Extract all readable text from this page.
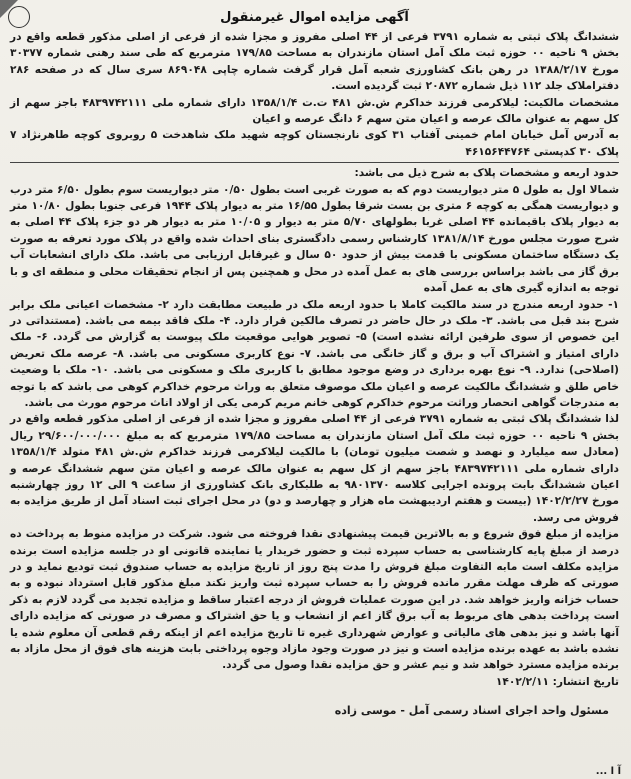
آگهی مزایده اموال غیرمنقول

ششدانگ پلاک ثبتی به شماره ۳۷۹۱ فرعی از ۴۴ اصلی مفروز و مجزا شده از فرعی از اصلی مذکور قطعه واقع در بخش ۹ ناحیه ۰۰ حوزه ثبت ملک آمل استان مازندران به مساحت ۱۷۹/۸۵ مترمربع که طی سند رهنی شماره ۳۰۳۷۷ مورخ ۱۳۸۸/۲/۱۷ در رهن بانک کشاورزی شعبه آمل قرار گرفت شماره چاپی ۸۶۹۰۴۸ سری سال که در صفحه ۲۸۶ دفتراملاک جلد ۱۱۲ ذیل شماره ۲۰۸۷۲ ثبت گردیده است.

مشخصات مالکیت: لیلاکرمی فرزند خداکرم ش.ش ۴۸۱ ت.ت ۱۳۵۸/۱/۴ دارای شماره ملی ۴۸۳۹۷۴۲۱۱۱ باجز سهم از کل سهم به عنوان مالک عرصه و اعیان متن سهم ۶ دانگ عرصه و اعیان

به آدرس آمل خیابان امام خمینی آفتاب ۳۱ کوی نارنجستان کوچه شهید ملک شاهدخت ۵ روبروی کوچه طاهرنژاد ۷ پلاک ۳۰ کدپستی ۴۶۱۵۶۴۴۷۶۴

حدود اربعه و مشخصات پلاک به شرح ذیل می باشد:

شمالا اول به طول ۵ متر دیواریست دوم که به صورت غربی است بطول ۰/۵۰ متر دیواریست سوم بطول ۶/۵۰ متر درب و دیواریست همگی به کوچه ۶ متری بن بست شرقا بطول ۱۶/۵۵ متر به دیوار پلاک ۱۹۴۴ فرعی جنوبا بطول ۱۰/۸۰ متر به دیوار پلاک باقیمانده ۴۴ اصلی غربا بطولهای ۵/۷۰ متر به دیوار و ۱۰/۰۵ متر به دیوار هر دو جزء پلاک ۴۴ اصلی به شرح صورت مجلس مورخ ۱۳۸۱/۸/۱۴ کارشناس رسمی دادگستری بنای احداث شده واقع در پلاک مورد تعرفه به صورت یک دستگاه ساختمان مسکونی با قدمت بیش از حدود ۵۰ سال و غیرقابل ارزیابی می باشد. ملک دارای انشعابات آب برق گاز می باشد براساس بررسی های به عمل آمده در محل و همچنین پس از انجام تحقیقات محلی و منطقه ای و با توجه به اندازه گیری های به عمل آمده

۱- حدود اربعه مندرج در سند مالکیت کاملا با حدود اربعه ملک در طبیعت مطابقت دارد ۲- مشخصات اعیانی ملک برابر شرح بند قبل می باشد. ۳- ملک در حال حاضر در تصرف مالکین قرار دارد. ۴- ملک فاقد بیمه می باشد. (مستنداتی در این خصوص از سوی طرفین ارائه نشده است) ۵- تصویر هوایی موقعیت ملک پیوست به گزارش می گردد. ۶- ملک دارای امتیاز و اشتراک آب و برق و گاز خانگی می باشد. ۷- نوع کاربری مسکونی می باشد. ۸- عرصه ملک تعریض (اصلاحی) ندارد. ۹- نوع بهره برداری در وضع موجود مطابق با کاربری ملک و مسکونی می باشد. ۱۰- ملک با وضعیت خاص طلق و ششدانگ مالکیت عرصه و اعیان ملک موصوف متعلق به وراث مرحوم خداکرم کوهی می باشد که با توجه به مندرجات گواهی انحصار وراثت مرحوم خداکرم کوهی خانم مریم کرمی یکی از اولاد اناث مرحوم مورث می باشد.

لذا ششدانگ پلاک ثبتی به شماره ۳۷۹۱ فرعی از ۴۴ اصلی مفروز و مجزا شده از فرعی از اصلی مذکور قطعه واقع در بخش ۹ ناحیه ۰۰ حوزه ثبت ملک آمل استان مازندران به مساحت ۱۷۹/۸۵ مترمربع که به مبلغ ۲۹/۶۰۰/۰۰۰/۰۰۰ ریال (معادل سه میلیارد و نهصد و شصت میلیون تومان) با مالکیت لیلاکرمی فرزند خداکرم ش.ش ۴۸۱ متولد ۱۳۵۸/۱/۴ دارای شماره ملی ۴۸۳۹۷۴۲۱۱۱ باجز سهم از کل سهم به عنوان مالک عرصه و اعیان متن سهم ششدانگ عرصه و اعیان ششدانگ بابت پرونده اجرایی کلاسه ۹۸۰۱۳۷۰ به طلبکاری بانک کشاورزی از ساعت ۹ الی ۱۲ روز چهارشنبه مورخ ۱۴۰۲/۲/۲۷ (بیست و هفتم اردیبهشت ماه هزار و چهارصد و دو) در محل اجرای ثبت اسناد آمل از طریق مزایده به فروش می رسد.

مزایده از مبلغ فوق شروع و به بالاترین قیمت پیشنهادی نقدا فروخته می شود. شرکت در مزایده منوط به پرداخت ده درصد از مبلغ پایه کارشناسی به حساب سپرده ثبت و حضور خریدار یا نماینده قانونی او در جلسه مزایده است برنده مزایده مکلف است مابه التفاوت مبلغ فروش را مدت پنج روز از تاریخ مزایده به حساب صندوق ثبت تودیع نماید و در صورتی که ظرف مهلت مقرر مانده فروش را به حساب سپرده ثبت واریز نکند مبلغ مذکور قابل استرداد نبوده و به حساب خزانه واریز خواهد شد. در این صورت عملیات فروش از درجه اعتبار ساقط و مزایده تجدید می گردد لازم به ذکر است پرداخت بدهی های مربوط به آب برق گاز اعم از انشعاب و یا حق اشتراک و مصرف در صورتی که مزایده دارای آنها باشد و نیز بدهی های مالیاتی و عوارض شهرداری غیره تا تاریخ مزایده اعم از اینکه رقم قطعی آن معلوم شده یا نشده باشد به عهده برنده مزایده است و نیز در صورت وجود مازاد وجوه پرداختی بابت هزینه های فوق از محل مازاد به برنده مزایده مسترد خواهد شد و نیم عشر و حق مزایده نقدا وصول می گردد.

تاریخ انتشار: ۱۴۰۲/۲/۱۱

مسئول واحد اجرای اسناد رسمی آمل - موسی زاده
آ ا ...
